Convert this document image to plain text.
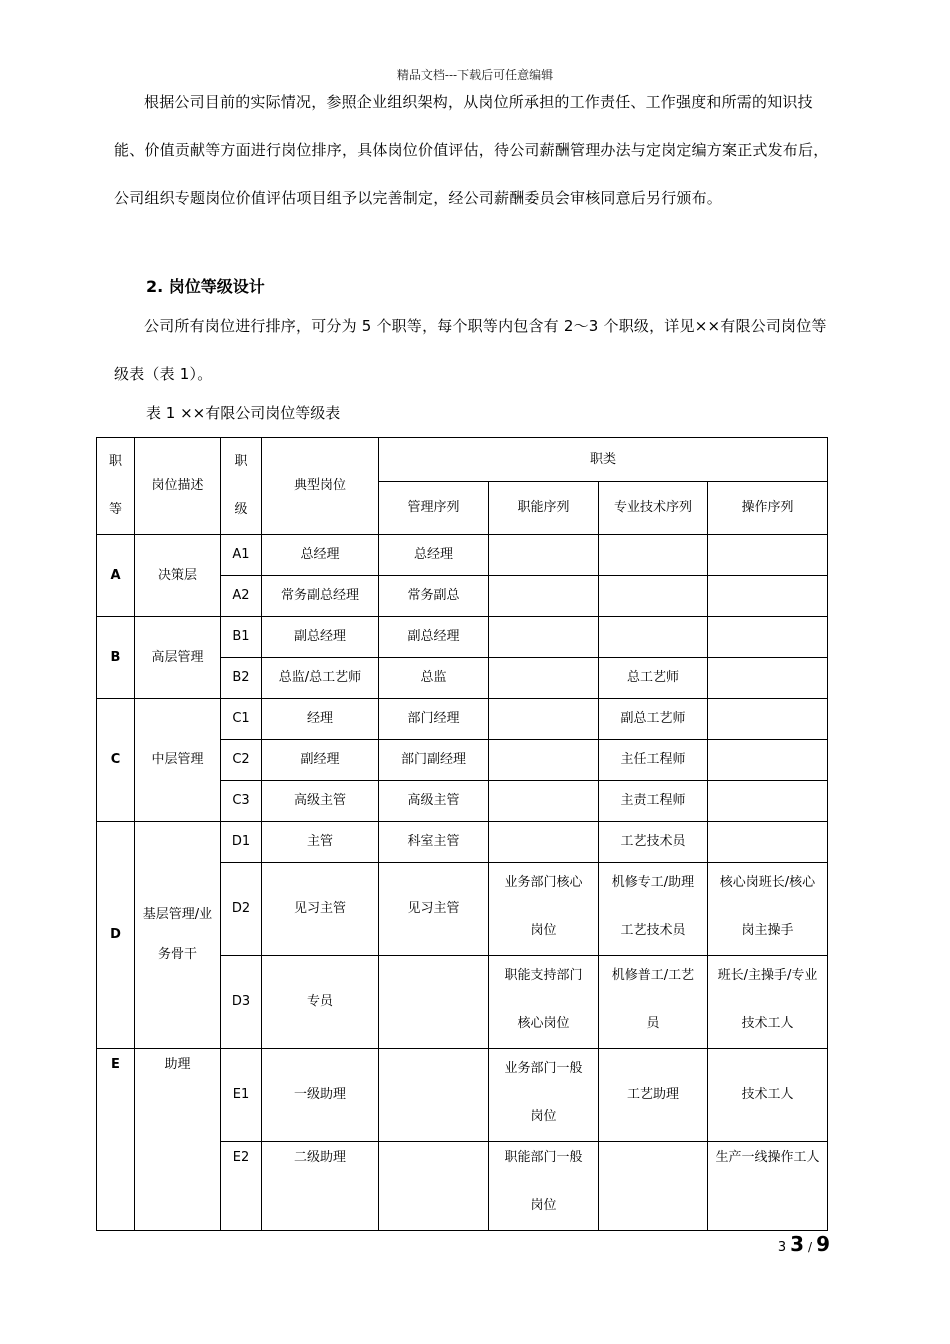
精品文档---下载后可任意编辑
根据公司目前的实际情况，参照企业组织架构，从岗位所承担的工作责任、工作强度和所需的知识技能、价值贡献等方面进行岗位排序，具体岗位价值评估，待公司薪酬管理办法与定岗定编方案正式发布后，公司组织专题岗位价值评估项目组予以完善制定，经公司薪酬委员会审核同意后另行颁布。
2. 岗位等级设计
公司所有岗位进行排序，可分为 5 个职等，每个职等内包含有 2～3 个职级，详见××有限公司岗位等级表（表 1）。
表 1 ××有限公司岗位等级表
职等	岗位描述	职级	典型岗位	职类			
				管理序列	职能序列	专业技术序列	操作序列
A	决策层	A1	总经理	总经理			
		A2	常务副总经理	常务副总			
B	高层管理	B1	副总经理	副总经理			
		B2	总监/总工艺师	总监		总工艺师	
C	中层管理	C1	经理	部门经理		副总工艺师	
		C2	副经理	部门副经理		主任工程师	
		C3	高级主管	高级主管		主责工程师	
D	基层管理/业务骨干	D1	主管	科室主管		工艺技术员	
		D2	见习主管	见习主管	业务部门核心岗位	机修专工/助理工艺技术员	核心岗班长/核心岗主操手

		D3	专员		职能支持部门核心岗位	机修普工/工艺员	班长/主操手/专业技术工人

E	助理	E1	一级助理		业务部门一般岗位	工艺助理	技术工人
		E2	二级助理		职能部门一般岗位		生产一线操作工人
3 3 / 9
